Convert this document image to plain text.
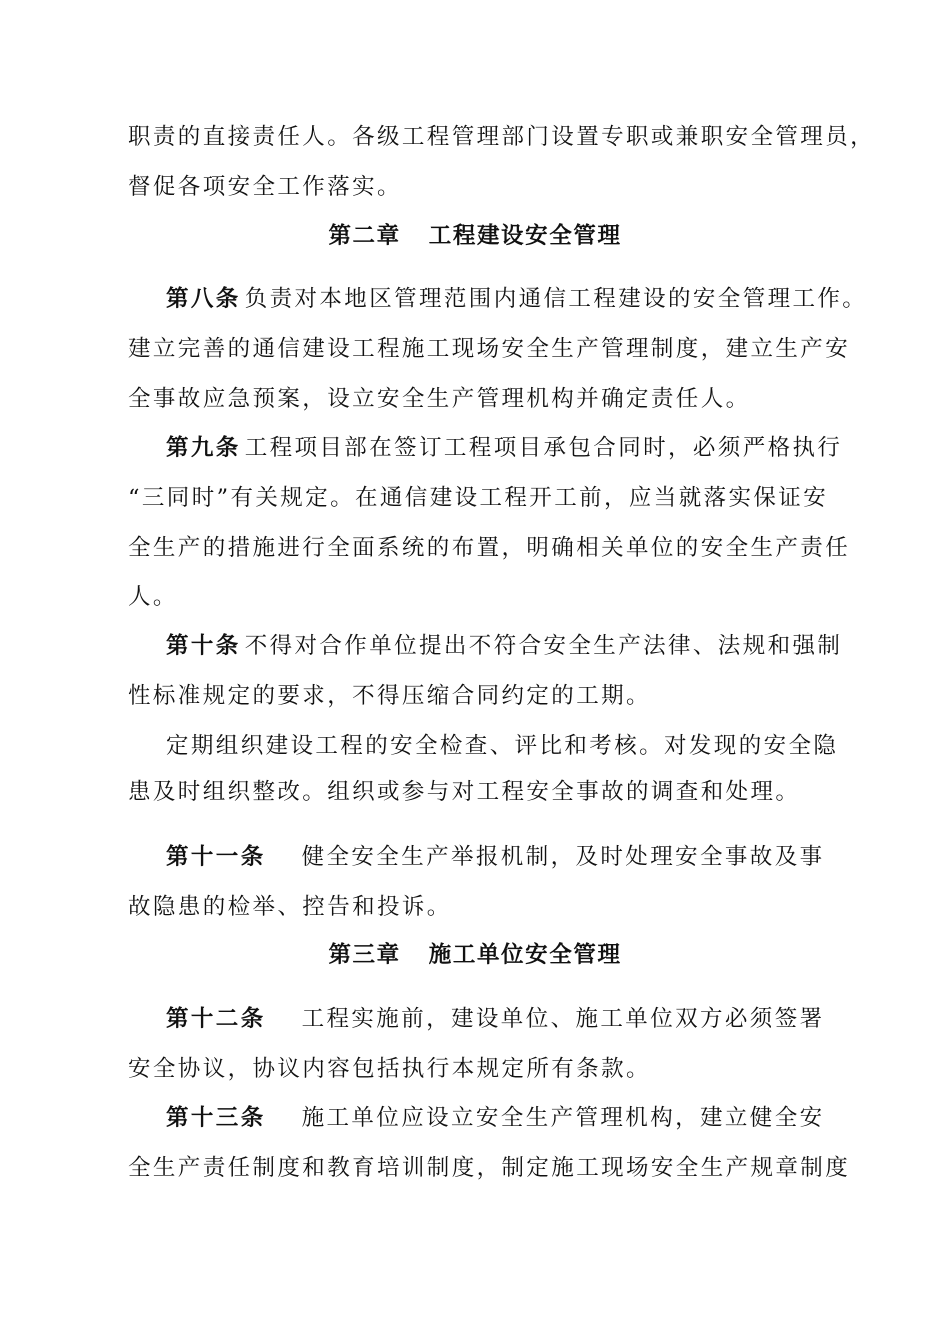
职责的直接责任人。各级工程管理部门设置专职或兼职安全管理员，
督促各项安全工作落实。
第二章 工程建设安全管理
第八条 负责对本地区管理范围内通信工程建设的安全管理工作。
建立完善的通信建设工程施工现场安全生产管理制度，建立生产安
全事故应急预案，设立安全生产管理机构并确定责任人。
第九条 工程项目部在签订工程项目承包合同时，必须严格执行
“三同时”有关规定。在通信建设工程开工前，应当就落实保证安
全生产的措施进行全面系统的布置，明确相关单位的安全生产责任
人。
第十条 不得对合作单位提出不符合安全生产法律、法规和强制
性标准规定的要求，不得压缩合同约定的工期。
定期组织建设工程的安全检查、评比和考核。对发现的安全隐
患及时组织整改。组织或参与对工程安全事故的调查和处理。
第十一条 健全安全生产举报机制，及时处理安全事故及事
故隐患的检举、控告和投诉。
第三章 施工单位安全管理
第十二条 工程实施前，建设单位、施工单位双方必须签署
安全协议，协议内容包括执行本规定所有条款。
第十三条 施工单位应设立安全生产管理机构，建立健全安
全生产责任制度和教育培训制度，制定施工现场安全生产规章制度
